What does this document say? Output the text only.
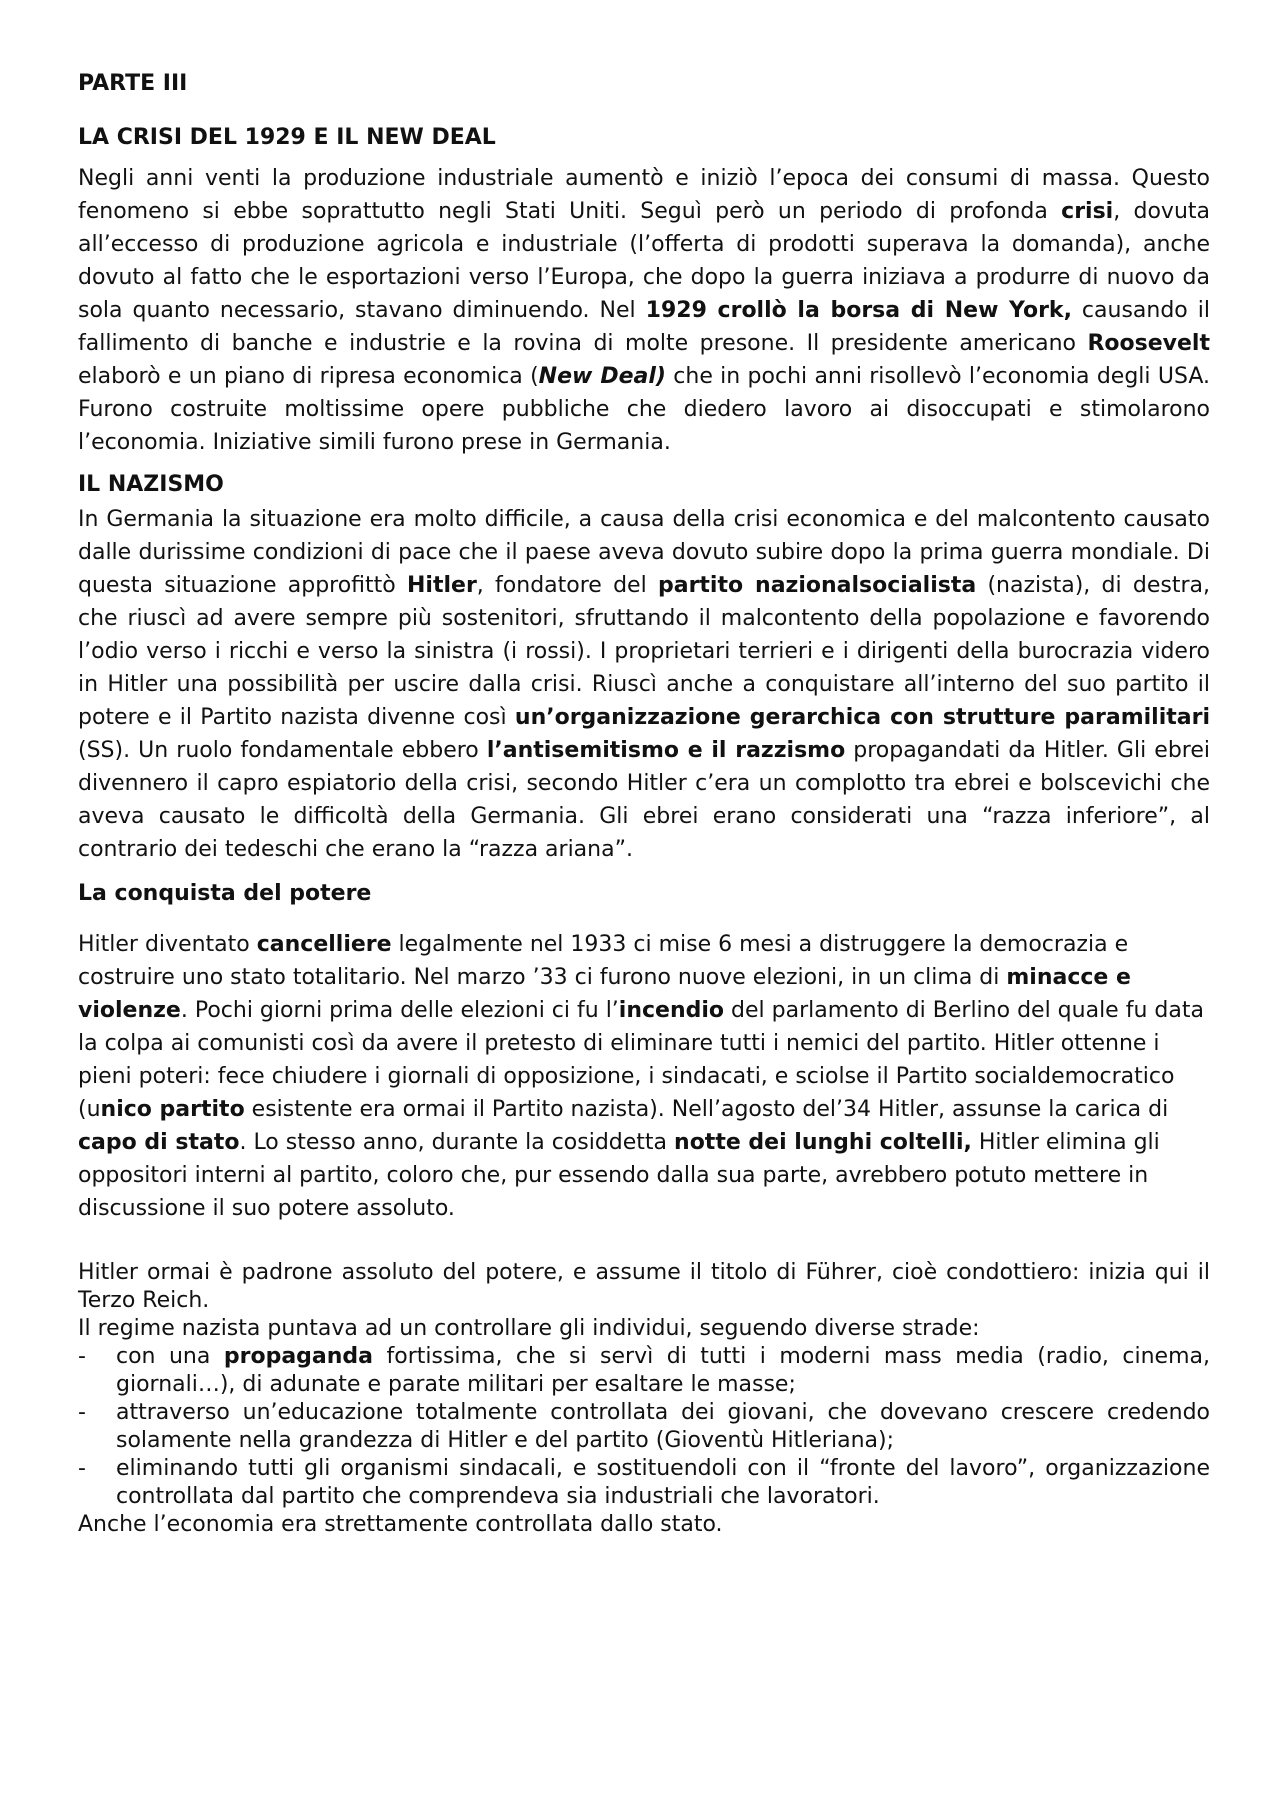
PARTE III

LA CRISI DEL 1929 E IL NEW DEAL

Negli anni venti la produzione industriale aumentò e iniziò l’epoca dei consumi di massa. Questo fenomeno si ebbe soprattutto negli Stati Uniti. Seguì però un periodo di profonda crisi, dovuta all’eccesso di produzione agricola e industriale (l’offerta di prodotti superava la domanda), anche dovuto al fatto che le esportazioni verso l’Europa, che dopo la guerra iniziava a produrre di nuovo da sola quanto necessario, stavano diminuendo. Nel 1929 crollò la borsa di New York, causando il fallimento di banche e industrie e la rovina di molte presone. Il presidente americano Roosevelt elaborò e un piano di ripresa economica (New Deal) che in pochi anni risollevò l’economia degli USA. Furono costruite moltissime opere pubbliche che diedero lavoro ai disoccupati e stimolarono l’economia. Iniziative simili furono prese in Germania.

IL NAZISMO

In Germania la situazione era molto difficile, a causa della crisi economica e del malcontento causato dalle durissime condizioni di pace che il paese aveva dovuto subire dopo la prima guerra mondiale. Di questa situazione approfittò Hitler, fondatore del partito nazionalsocialista (nazista), di destra, che riuscì ad avere sempre più sostenitori, sfruttando il malcontento della popolazione e favorendo l’odio verso i ricchi e verso la sinistra (i rossi). I proprietari terrieri e i dirigenti della burocrazia videro in Hitler una possibilità per uscire dalla crisi. Riuscì anche a conquistare all’interno del suo partito il potere e il Partito nazista divenne così un’organizzazione gerarchica con strutture paramilitari (SS). Un ruolo fondamentale ebbero l’antisemitismo e il razzismo propagandati da Hitler. Gli ebrei divennero il capro espiatorio della crisi, secondo Hitler c’era un complotto tra ebrei e bolscevichi che aveva causato le difficoltà della Germania. Gli ebrei erano considerati una “razza inferiore”, al contrario dei tedeschi che erano la “razza ariana”.

La conquista del potere

Hitler diventato cancelliere legalmente nel 1933 ci mise 6 mesi a distruggere la democrazia e costruire uno stato totalitario. Nel marzo ’33 ci furono nuove elezioni, in un clima di minacce e violenze. Pochi giorni prima delle elezioni ci fu l’incendio del parlamento di Berlino del quale fu data la colpa ai comunisti così da avere il pretesto di eliminare tutti i nemici del partito. Hitler ottenne i pieni poteri: fece chiudere i giornali di opposizione, i sindacati, e sciolse il Partito socialdemocratico (unico partito esistente era ormai il Partito nazista). Nell’agosto del’34 Hitler, assunse la carica di capo di stato. Lo stesso anno, durante la cosiddetta notte dei lunghi coltelli, Hitler elimina gli oppositori interni al partito, coloro che, pur essendo dalla sua parte, avrebbero potuto mettere in discussione il suo potere assoluto.

Hitler ormai è padrone assoluto del potere, e assume il titolo di Führer, cioè condottiero: inizia qui il Terzo Reich.

Il regime nazista puntava ad un controllare gli individui, seguendo diverse strade:

- con una propaganda fortissima, che si servì di tutti i moderni mass media (radio, cinema, giornali…), di adunate e parate militari per esaltare le masse;
- attraverso un’educazione totalmente controllata dei giovani, che dovevano crescere credendo solamente nella grandezza di Hitler e del partito (Gioventù Hitleriana);
- eliminando tutti gli organismi sindacali, e sostituendoli con il “fronte del lavoro”, organizzazione controllata dal partito che comprendeva sia industriali che lavoratori.

Anche l’economia era strettamente controllata dallo stato.
